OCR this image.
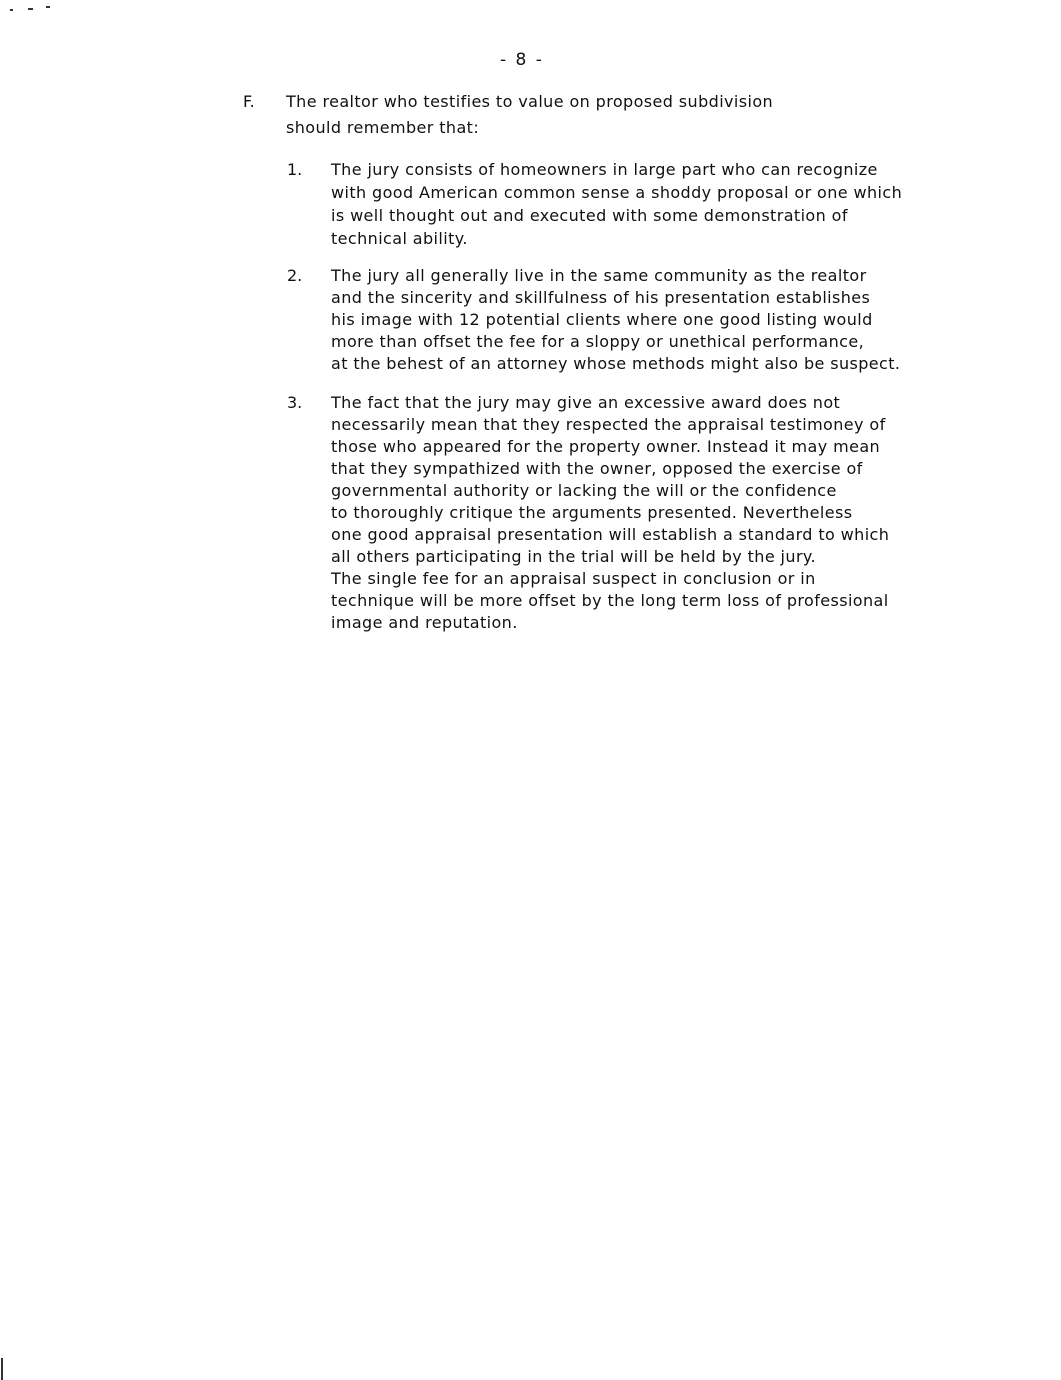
- 8 -
F. The realtor who testifies to value on proposed subdivision
should remember that:
1. The jury consists of homeowners in large part who can recognize
with good American common sense a shoddy proposal or one which
is well thought out and executed with some demonstration of
technical ability.
2. The jury all generally live in the same community as the realtor
and the sincerity and skillfulness of his presentation establishes
his image with 12 potential clients where one good listing would
more than offset the fee for a sloppy or unethical performance,
at the behest of an attorney whose methods might also be suspect.
3. The fact that the jury may give an excessive award does not
necessarily mean that they respected the appraisal testimoney of
those who appeared for the property owner. Instead it may mean
that they sympathized with the owner, opposed the exercise of
governmental authority or lacking the will or the confidence
to thoroughly critique the arguments presented. Nevertheless
one good appraisal presentation will establish a standard to which
all others participating in the trial will be held by the jury.
The single fee for an appraisal suspect in conclusion or in
technique will be more offset by the long term loss of professional
image and reputation.
